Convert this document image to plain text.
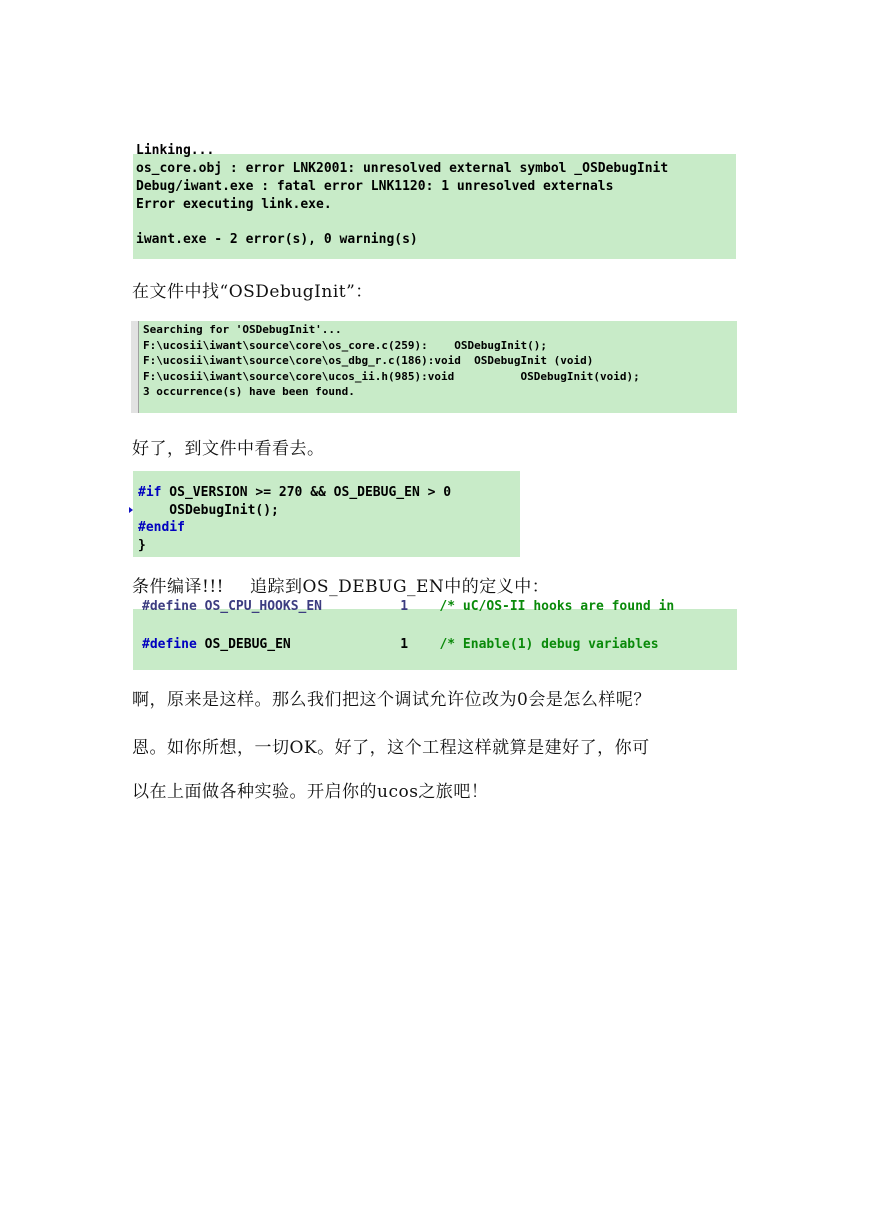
Linking...
os_core.obj : error LNK2001: unresolved external symbol _OSDebugInit
Debug/iwant.exe : fatal error LNK1120: 1 unresolved externals
Error executing link.exe.
iwant.exe - 2 error(s), 0 warning(s)
在文件中找“OSDebugInit”：
Searching for 'OSDebugInit'...
F:\ucosii\iwant\source\core\os_core.c(259):    OSDebugInit();
F:\ucosii\iwant\source\core\os_dbg_r.c(186):void  OSDebugInit (void)
F:\ucosii\iwant\source\core\ucos_ii.h(985):void          OSDebugInit(void);
3 occurrence(s) have been found.
好了，到文件中看看去。
#if OS_VERSION >= 270 && OS_DEBUG_EN > 0
OSDebugInit();
#endif
}
条件编译!!! 追踪到OS_DEBUG_EN中的定义中：
#define OS_CPU_HOOKS_EN          1    /* uC/OS-II hooks are found in
#define OS_DEBUG_EN              1    /* Enable(1) debug variables
啊，原来是这样。那么我们把这个调试允许位改为0会是怎么样呢？
恩。如你所想，一切OK。好了，这个工程这样就算是建好了，你可
以在上面做各种实验。开启你的ucos之旅吧！
